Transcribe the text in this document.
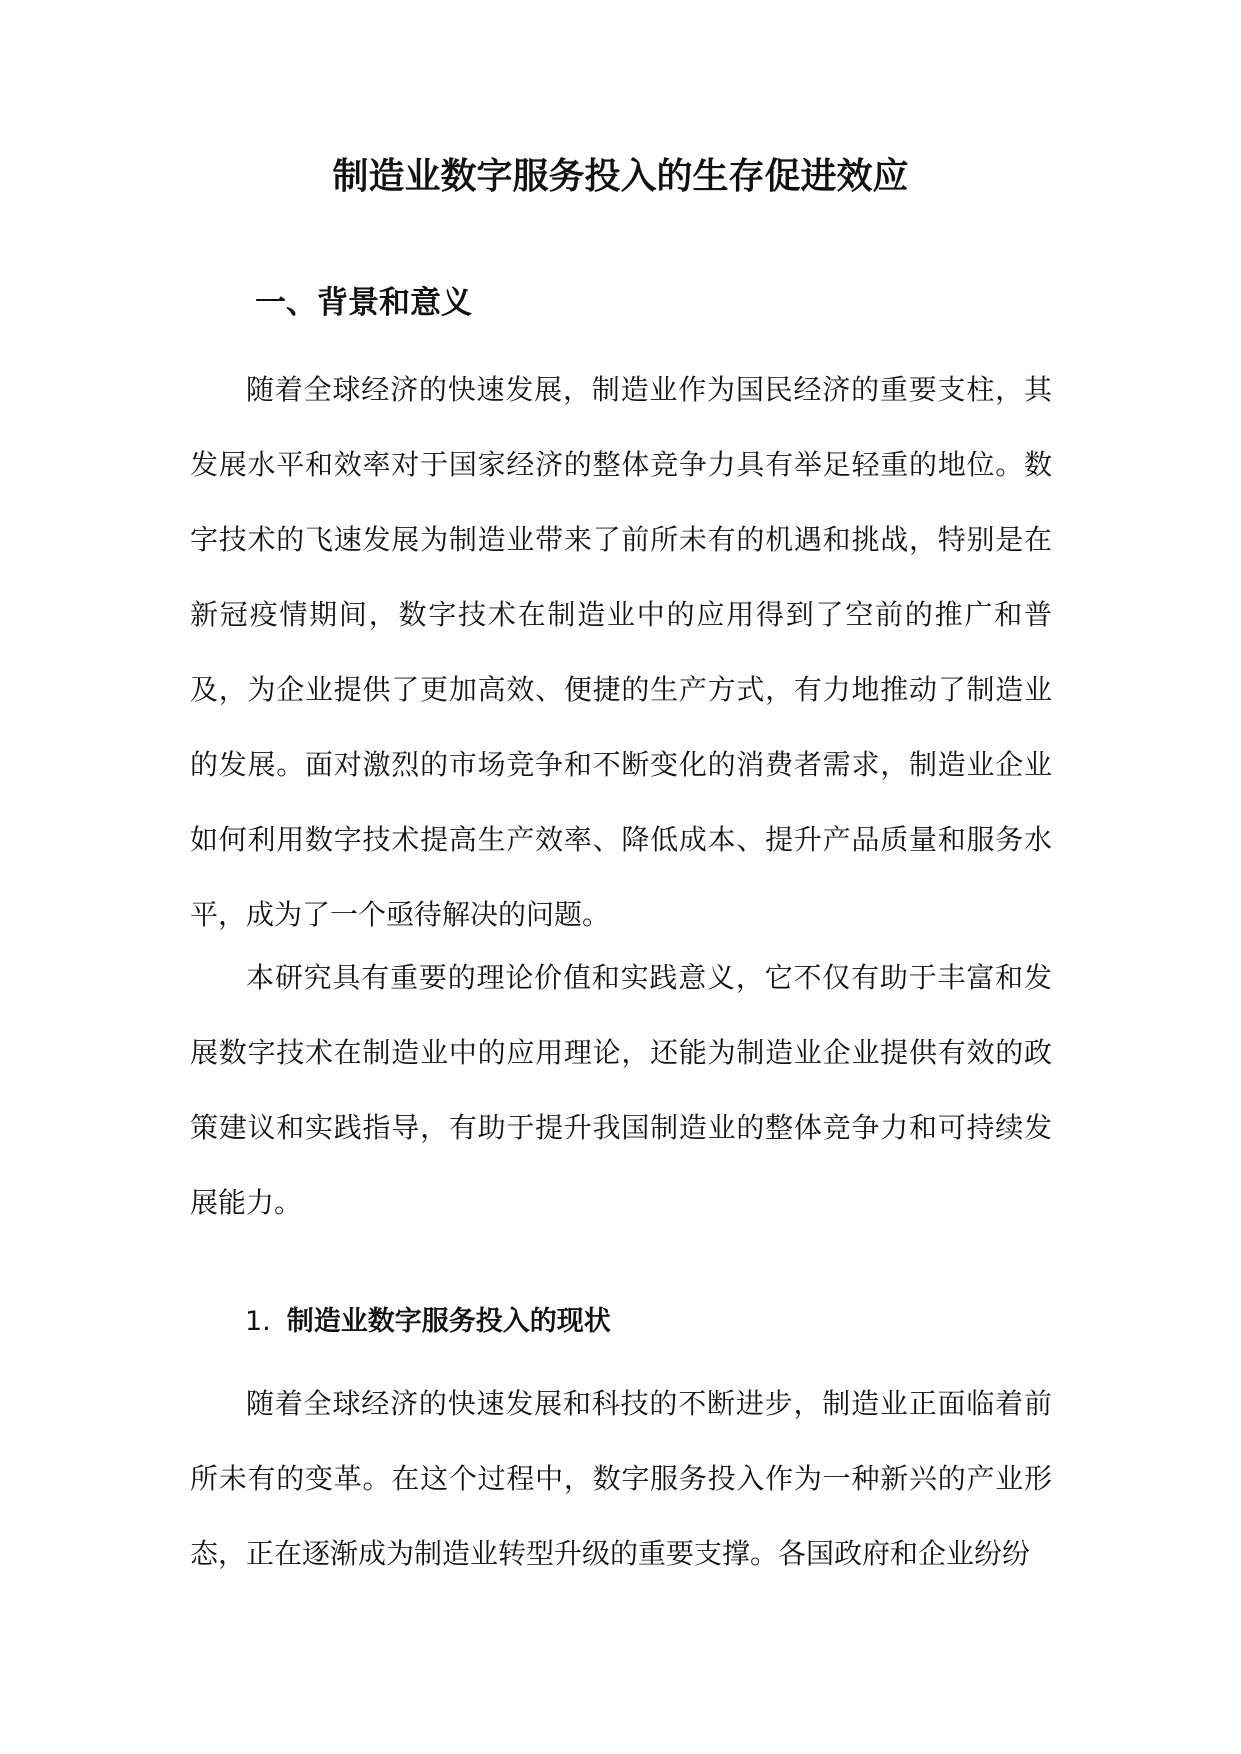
制造业数字服务投入的生存促进效应
一、背景和意义

随着全球经济的快速发展，制造业作为国民经济的重要支柱，其发展水平和效率对于国家经济的整体竞争力具有举足轻重的地位。数字技术的飞速发展为制造业带来了前所未有的机遇和挑战，特别是在新冠疫情期间，数字技术在制造业中的应用得到了空前的推广和普及，为企业提供了更加高效、便捷的生产方式，有力地推动了制造业的发展。面对激烈的市场竞争和不断变化的消费者需求，制造业企业如何利用数字技术提高生产效率、降低成本、提升产品质量和服务水平，成为了一个亟待解决的问题。

本研究具有重要的理论价值和实践意义，它不仅有助于丰富和发展数字技术在制造业中的应用理论，还能为制造业企业提供有效的政策建议和实践指导，有助于提升我国制造业的整体竞争力和可持续发展能力。

1. 制造业数字服务投入的现状

随着全球经济的快速发展和科技的不断进步，制造业正面临着前所未有的变革。在这个过程中，数字服务投入作为一种新兴的产业形态，正在逐渐成为制造业转型升级的重要支撑。各国政府和企业纷纷
